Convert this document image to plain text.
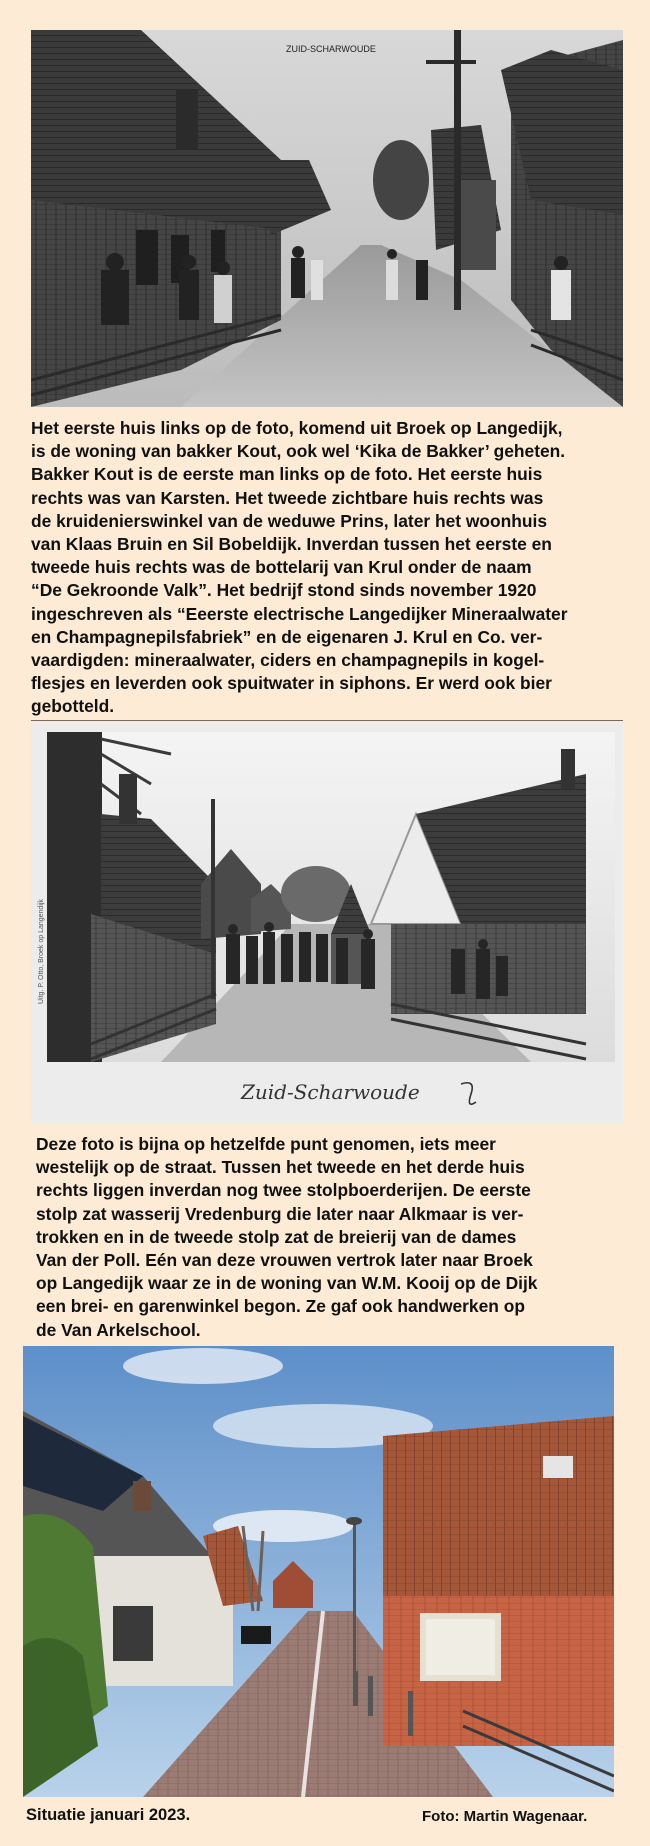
ZUID-SCHARWOUDE
Het eerste huis links op de foto, komend uit Broek op Langedijk,
is de woning van bakker Kout, ook wel ‘Kika de Bakker’ geheten.
Bakker Kout is de eerste man links op de foto. Het eerste huis
rechts was van Karsten. Het tweede zichtbare huis rechts was
de kruidenierswinkel van de weduwe Prins, later het woonhuis
van Klaas Bruin en Sil Bobeldijk. Inverdan tussen het eerste en
tweede huis rechts was de bottelarij van Krul onder de naam
“De Gekroonde Valk”. Het bedrijf stond sinds november 1920
ingeschreven als “Eeerste electrische Langedijker Mineraalwater
en Champagnepilsfabriek” en de eigenaren J. Krul en Co. ver-
vaardigden: mineraalwater, ciders en champagnepils in kogel-
flesjes en leverden ook spuitwater in siphons. Er werd ook bier
gebotteld.
Uitg. P. Otto, Broek op Langendijk
Zuid-Scharwoude
Deze foto is bijna op hetzelfde punt genomen, iets meer
westelijk op de straat. Tussen het tweede en het derde huis
rechts liggen inverdan nog twee stolpboerderijen. De eerste
stolp zat wasserij Vredenburg die later naar Alkmaar is ver-
trokken en in de tweede stolp zat de breierij van de dames
Van der Poll. Eén van deze vrouwen vertrok later naar Broek
op Langedijk waar ze in de woning van W.M. Kooij op de Dijk
een brei- en garenwinkel begon. Ze gaf ook handwerken op
de Van Arkelschool.

Situatie januari 2023.	Foto: Martin Wagenaar.
